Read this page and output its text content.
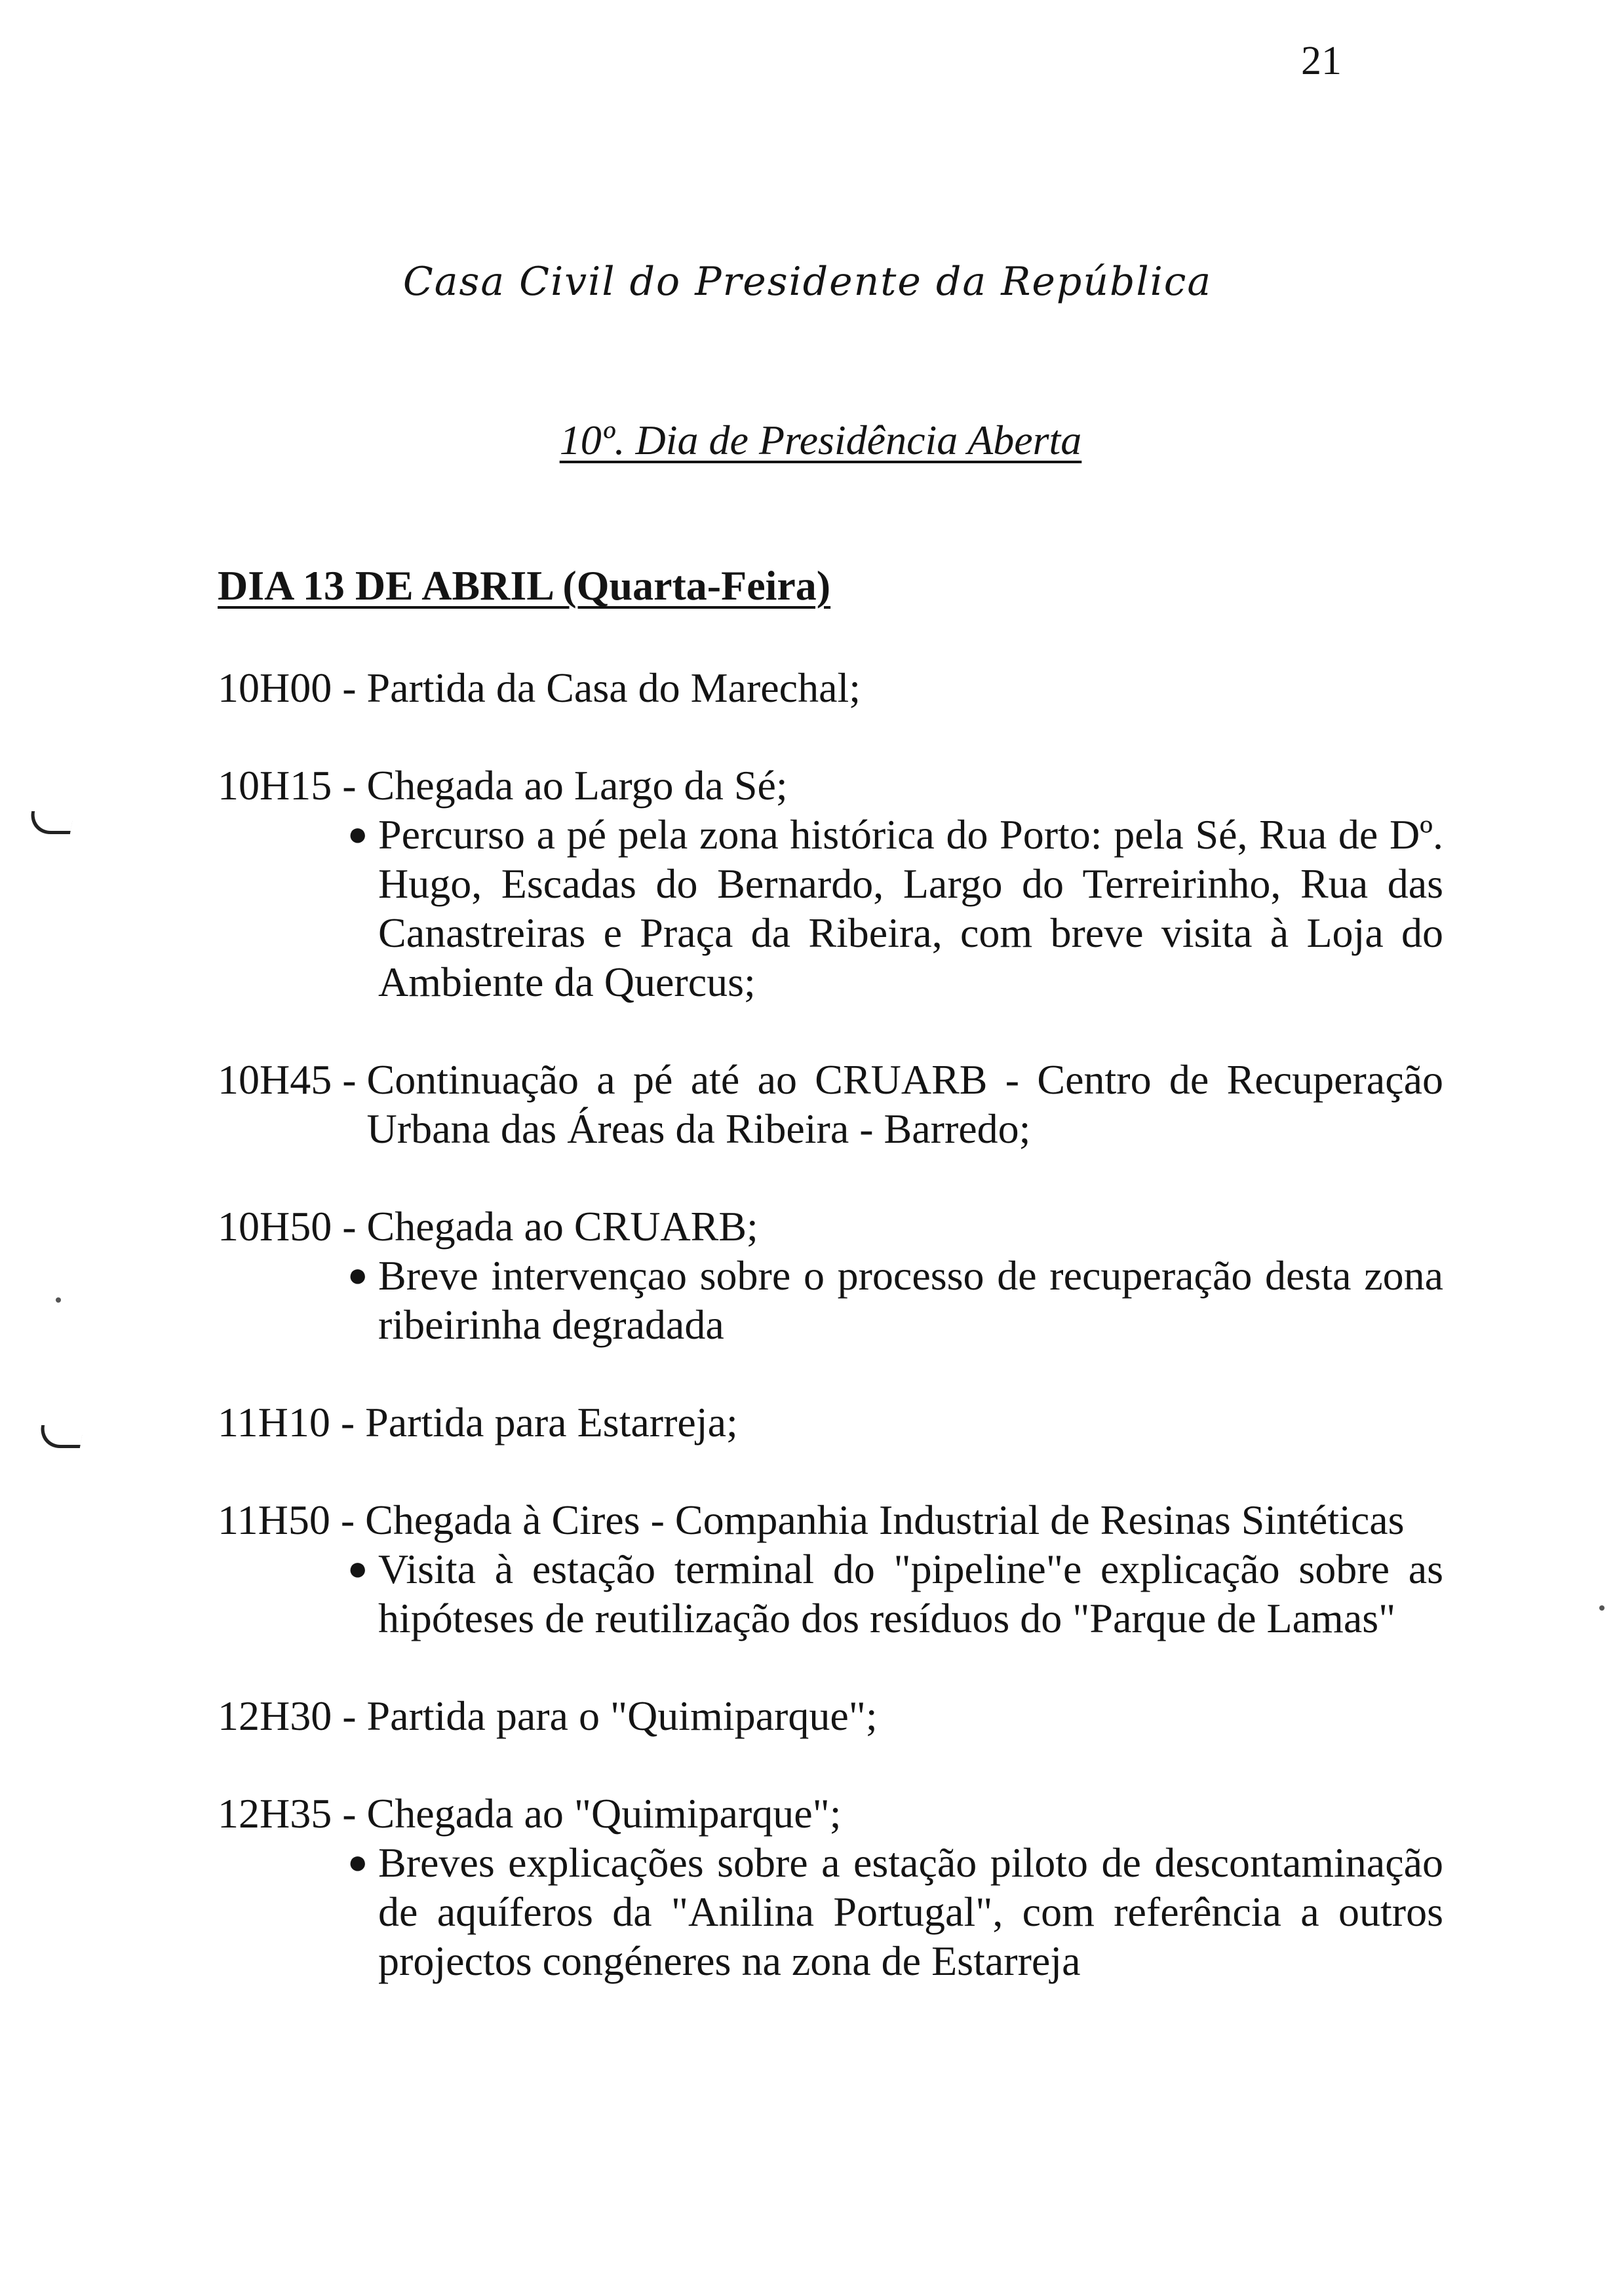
21
Casa Civil do Presidente da República
10º. Dia de Presidência Aberta
DIA 13 DE ABRIL (Quarta-Feira)
10H00 - Partida da Casa do Marechal;
10H15 - Chegada ao Largo da Sé;
● Percurso a pé pela zona histórica do Porto: pela Sé, Rua de Dº. Hugo, Escadas do Bernardo, Largo do Terreirinho, Rua das Canastreiras e Praça da Ribeira, com breve visita à Loja do Ambiente da Quercus;
10H45 - Continuação a pé até ao CRUARB - Centro de Recuperação Urbana das Áreas da Ribeira - Barredo;
10H50 - Chegada ao CRUARB;
● Breve intervençao sobre o processo de recuperação desta zona ribeirinha degradada
11H10 - Partida para Estarreja;
11H50 - Chegada à Cires - Companhia Industrial de Resinas Sintéticas
● Visita à estação terminal do "pipeline"e explicação sobre as hipóteses de reutilização dos resíduos do "Parque de Lamas"
12H30 - Partida para o "Quimiparque";
12H35 - Chegada ao "Quimiparque";
● Breves explicações sobre a estação piloto de descontaminação de aquíferos da "Anilina Portugal", com referência a outros projectos congéneres na zona de Estarreja
